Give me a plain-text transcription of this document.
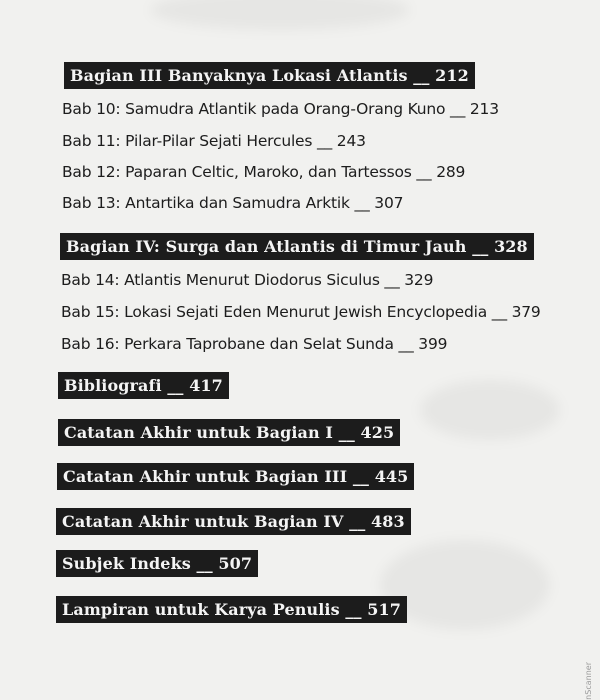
Bagian III Banyaknya Lokasi Atlantis __ 212
Bab 10: Samudra Atlantik pada Orang-Orang Kuno __ 213
Bab 11: Pilar-Pilar Sejati Hercules __ 243
Bab 12: Paparan Celtic, Maroko, dan Tartessos __ 289
Bab 13: Antartika dan Samudra Arktik __ 307
Bagian IV: Surga dan Atlantis di Timur Jauh __ 328
Bab 14: Atlantis Menurut Diodorus Siculus __ 329
Bab 15: Lokasi Sejati Eden Menurut Jewish Encyclopedia __ 379
Bab 16: Perkara Taprobane dan Selat Sunda __ 399
Bibliografi __ 417
Catatan Akhir untuk Bagian I __ 425
Catatan Akhir untuk Bagian III __ 445
Catatan Akhir untuk Bagian IV __ 483
Subjek Indeks __ 507
Lampiran untuk Karya Penulis __ 517
nScanner
